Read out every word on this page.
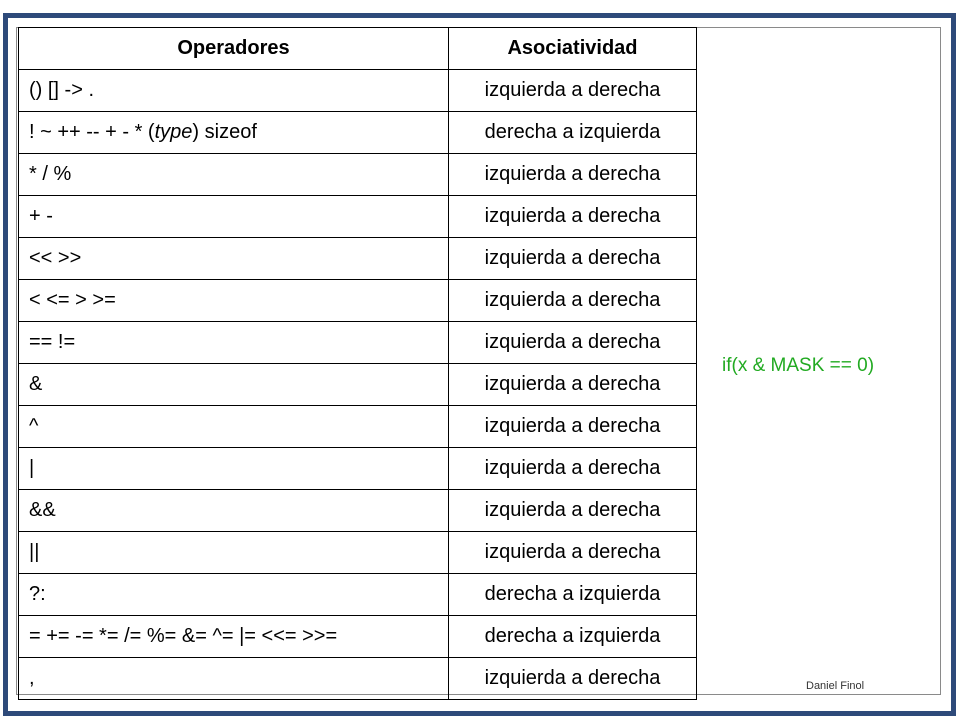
Operadores	Asociatividad
() [] -> .	izquierda a derecha
! ~ ++ -- + - * (type) sizeof	derecha a izquierda
* / %	izquierda a derecha
+ -	izquierda a derecha
<< >>	izquierda a derecha
< <= > >=	izquierda a derecha
== !=	izquierda a derecha
&	izquierda a derecha
^	izquierda a derecha
|	izquierda a derecha
&&	izquierda a derecha
||	izquierda a derecha
?:	derecha a izquierda
= += -= *= /= %= &= ^= |= <<= >>=	derecha a izquierda
,	izquierda a derecha
if(x & MASK == 0)
Daniel Finol
